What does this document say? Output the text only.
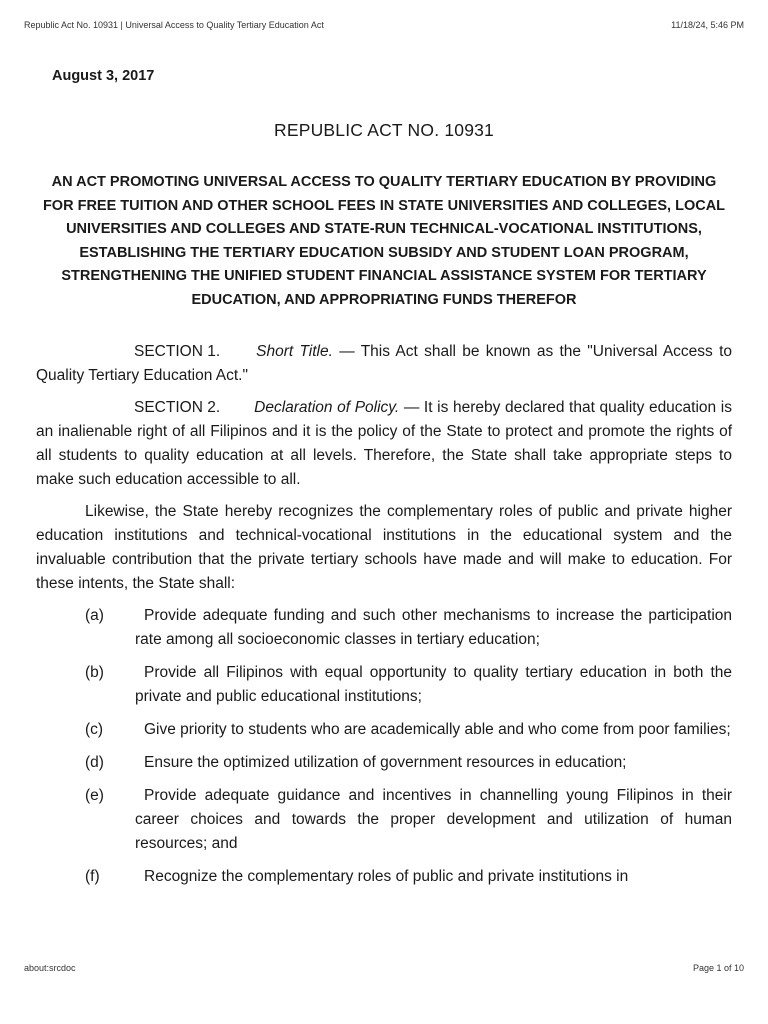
Republic Act No. 10931 | Universal Access to Quality Tertiary Education Act	11/18/24, 5:46 PM
August 3, 2017
REPUBLIC ACT NO. 10931
AN ACT PROMOTING UNIVERSAL ACCESS TO QUALITY TERTIARY EDUCATION BY PROVIDING FOR FREE TUITION AND OTHER SCHOOL FEES IN STATE UNIVERSITIES AND COLLEGES, LOCAL UNIVERSITIES AND COLLEGES AND STATE-RUN TECHNICAL-VOCATIONAL INSTITUTIONS, ESTABLISHING THE TERTIARY EDUCATION SUBSIDY AND STUDENT LOAN PROGRAM, STRENGTHENING THE UNIFIED STUDENT FINANCIAL ASSISTANCE SYSTEM FOR TERTIARY EDUCATION, AND APPROPRIATING FUNDS THEREFOR

SECTION 1. Short Title. — This Act shall be known as the "Universal Access to Quality Tertiary Education Act."

SECTION 2. Declaration of Policy. — It is hereby declared that quality education is an inalienable right of all Filipinos and it is the policy of the State to protect and promote the rights of all students to quality education at all levels. Therefore, the State shall take appropriate steps to make such education accessible to all.

Likewise, the State hereby recognizes the complementary roles of public and private higher education institutions and technical-vocational institutions in the educational system and the invaluable contribution that the private tertiary schools have made and will make to education. For these intents, the State shall:

(a)	Provide adequate funding and such other mechanisms to increase the participation rate among all socioeconomic classes in tertiary education;
(b)	Provide all Filipinos with equal opportunity to quality tertiary education in both the private and public educational institutions;
(c)	Give priority to students who are academically able and who come from poor families;
(d)	Ensure the optimized utilization of government resources in education;
(e)	Provide adequate guidance and incentives in channelling young Filipinos in their career choices and towards the proper development and utilization of human resources; and
(f)	Recognize the complementary roles of public and private institutions in
about:srcdoc	Page 1 of 10
